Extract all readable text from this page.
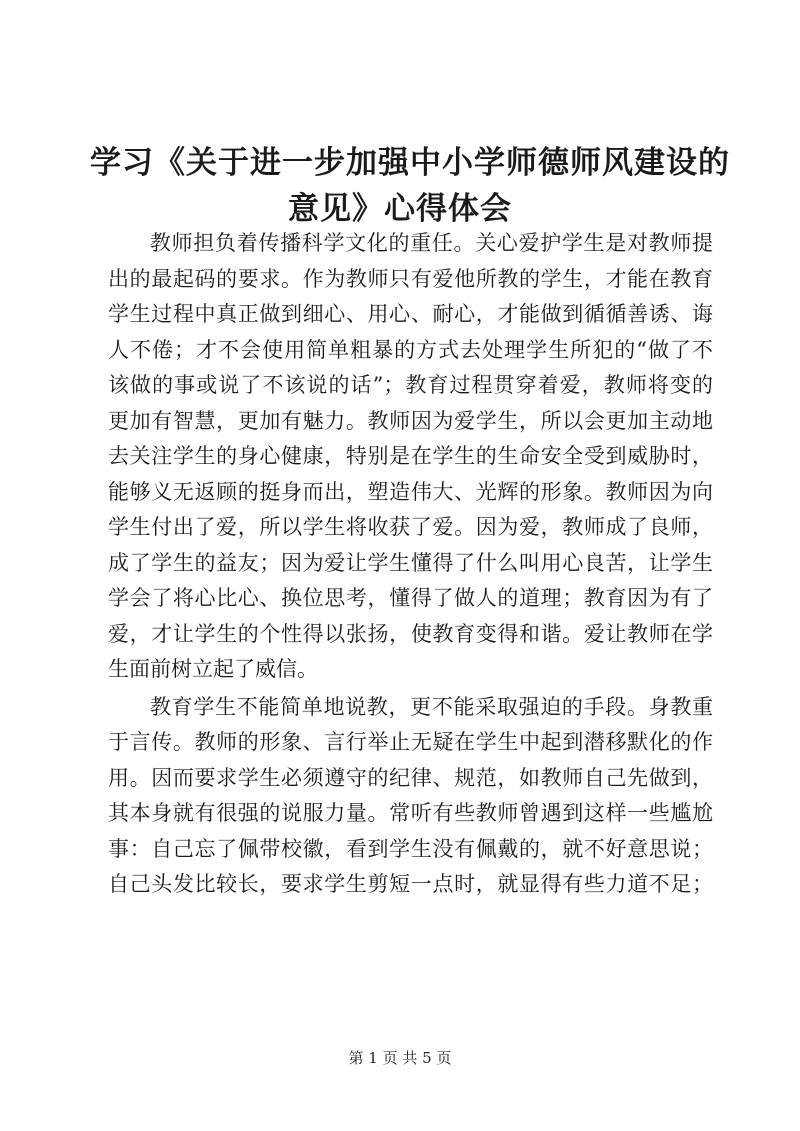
学习《关于进一步加强中小学师德师风建设的
意见》心得体会

教师担负着传播科学文化的重任。关心爱护学生是对教师提
出的最起码的要求。作为教师只有爱他所教的学生，才能在教育
学生过程中真正做到细心、用心、耐心，才能做到循循善诱、诲
人不倦；才不会使用简单粗暴的方式去处理学生所犯的“做了不
该做的事或说了不该说的话”；教育过程贯穿着爱，教师将变的
更加有智慧，更加有魅力。教师因为爱学生，所以会更加主动地
去关注学生的身心健康，特别是在学生的生命安全受到威胁时，
能够义无返顾的挺身而出，塑造伟大、光辉的形象。教师因为向
学生付出了爱，所以学生将收获了爱。因为爱，教师成了良师，
成了学生的益友；因为爱让学生懂得了什么叫用心良苦，让学生
学会了将心比心、换位思考，懂得了做人的道理；教育因为有了
爱，才让学生的个性得以张扬，使教育变得和谐。爱让教师在学
生面前树立起了威信。

教育学生不能简单地说教，更不能采取强迫的手段。身教重
于言传。教师的形象、言行举止无疑在学生中起到潜移默化的作
用。因而要求学生必须遵守的纪律、规范，如教师自己先做到，
其本身就有很强的说服力量。常听有些教师曾遇到这样一些尴尬
事：自己忘了佩带校徽，看到学生没有佩戴的，就不好意思说；
自己头发比较长，要求学生剪短一点时，就显得有些力道不足；

第 1 页 共 5 页
